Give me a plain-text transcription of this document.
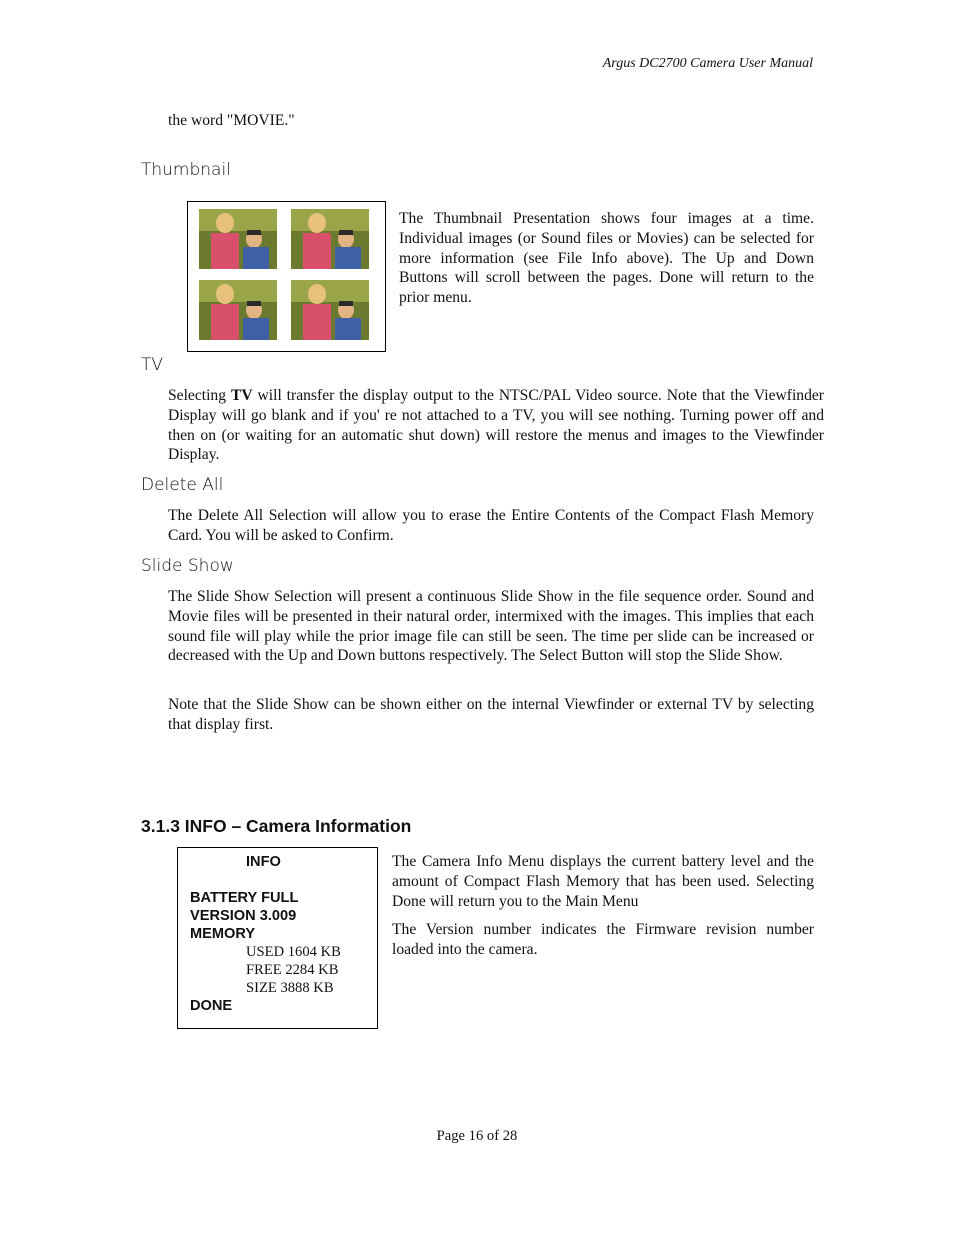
Argus DC2700 Camera User Manual
the word "MOVIE."
Thumbnail
The Thumbnail Presentation shows four images at a time. Individual images (or Sound files or Movies) can be selected for more information (see File Info above). The Up and Down Buttons will scroll between the pages. Done will return to the prior menu.
TV
Selecting TV will transfer the display output to the NTSC/PAL Video source. Note that the Viewfinder Display will go blank and if you' re not attached to a TV, you will see nothing. Turning power off and then on (or waiting for an automatic shut down) will restore the menus and images to the Viewfinder Display.
Delete All
The Delete All Selection will allow you to erase the Entire Contents of the Compact Flash Memory Card. You will be asked to Confirm.
Slide Show
The Slide Show Selection will present a continuous Slide Show in the file sequence order. Sound and Movie files will be presented in their natural order, intermixed with the images. This implies that each sound file will play while the prior image file can still be seen. The time per slide can be increased or decreased with the Up and Down buttons respectively. The Select Button will stop the Slide Show.
Note that the Slide Show can be shown either on the internal Viewfinder or external TV by selecting that display first.
3.1.3 INFO – Camera Information
INFO
BATTERY FULL
VERSION 3.009
MEMORY
USED 1604 KB
FREE 2284 KB
SIZE 3888 KB
DONE
The Camera Info Menu displays the current battery level and the amount of Compact Flash Memory that has been used. Selecting Done will return you to the Main Menu
The Version number indicates the Firmware revision number loaded into the camera.
Page 16 of 28
